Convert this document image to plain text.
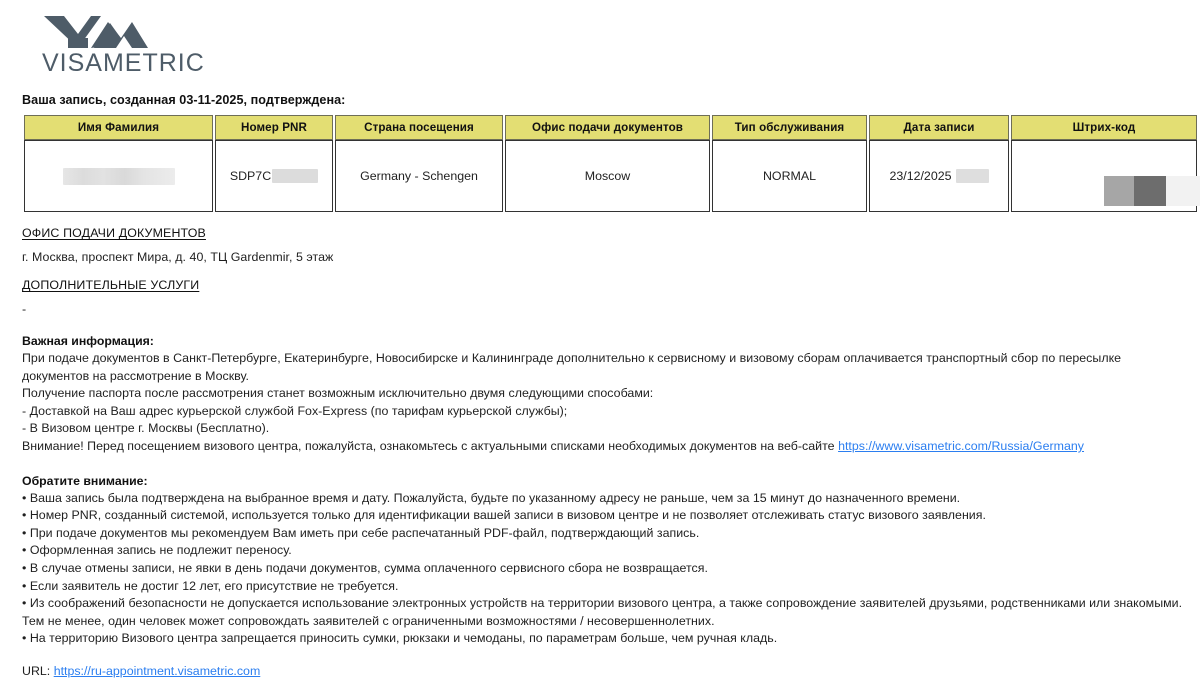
VISAMETRIC
Ваша запись, созданная 03-11-2025, подтверждена:
Имя Фамилия	Номер PNR	Страна посещения	Офис подачи документов	Тип обслуживания	Дата записи	Штрих-код
	SDP7C	Germany - Schengen	Moscow	NORMAL	23/12/2025	
ОФИС ПОДАЧИ ДОКУМЕНТОВ
г. Москва, проспект Мира, д. 40, ТЦ Gardenmir, 5 этаж
ДОПОЛНИТЕЛЬНЫЕ УСЛУГИ
-
Важная информация:
При подаче документов в Санкт-Петербурге, Екатеринбурге, Новосибирске и Калининграде дополнительно к сервисному и визовому сборам оплачивается транспортный сбор по пересылке документов на рассмотрение в Москву.
Получение паспорта после рассмотрения станет возможным исключительно двумя следующими способами:
- Доставкой на Ваш адрес курьерской службой Fox-Express (по тарифам курьерской службы);
- В Визовом центре г. Москвы (Бесплатно).
Внимание! Перед посещением визового центра, пожалуйста, ознакомьтесь с актуальными списками необходимых документов на веб-сайте https://www.visametric.com/Russia/Germany
Обратите внимание:
• Ваша запись была подтверждена на выбранное время и дату. Пожалуйста, будьте по указанному адресу не раньше, чем за 15 минут до назначенного времени.
• Номер PNR, созданный системой, используется только для идентификации вашей записи в визовом центре и не позволяет отслеживать статус визового заявления.
• При подаче документов мы рекомендуем Вам иметь при себе распечатанный PDF-файл, подтверждающий запись.
• Оформленная запись не подлежит переносу.
• В случае отмены записи, не явки в день подачи документов, сумма оплаченного сервисного сбора не возвращается.
• Если заявитель не достиг 12 лет, его присутствие не требуется.
• Из соображений безопасности не допускается использование электронных устройств на территории визового центра, а также сопровождение заявителей друзьями, родственниками или знакомыми. Тем не менее, один человек может сопровождать заявителей с ограниченными возможностями / несовершеннолетних.
• На территорию Визового центра запрещается приносить сумки, рюкзаки и чемоданы, по параметрам больше, чем ручная кладь.
URL: https://ru-appointment.visametric.com
